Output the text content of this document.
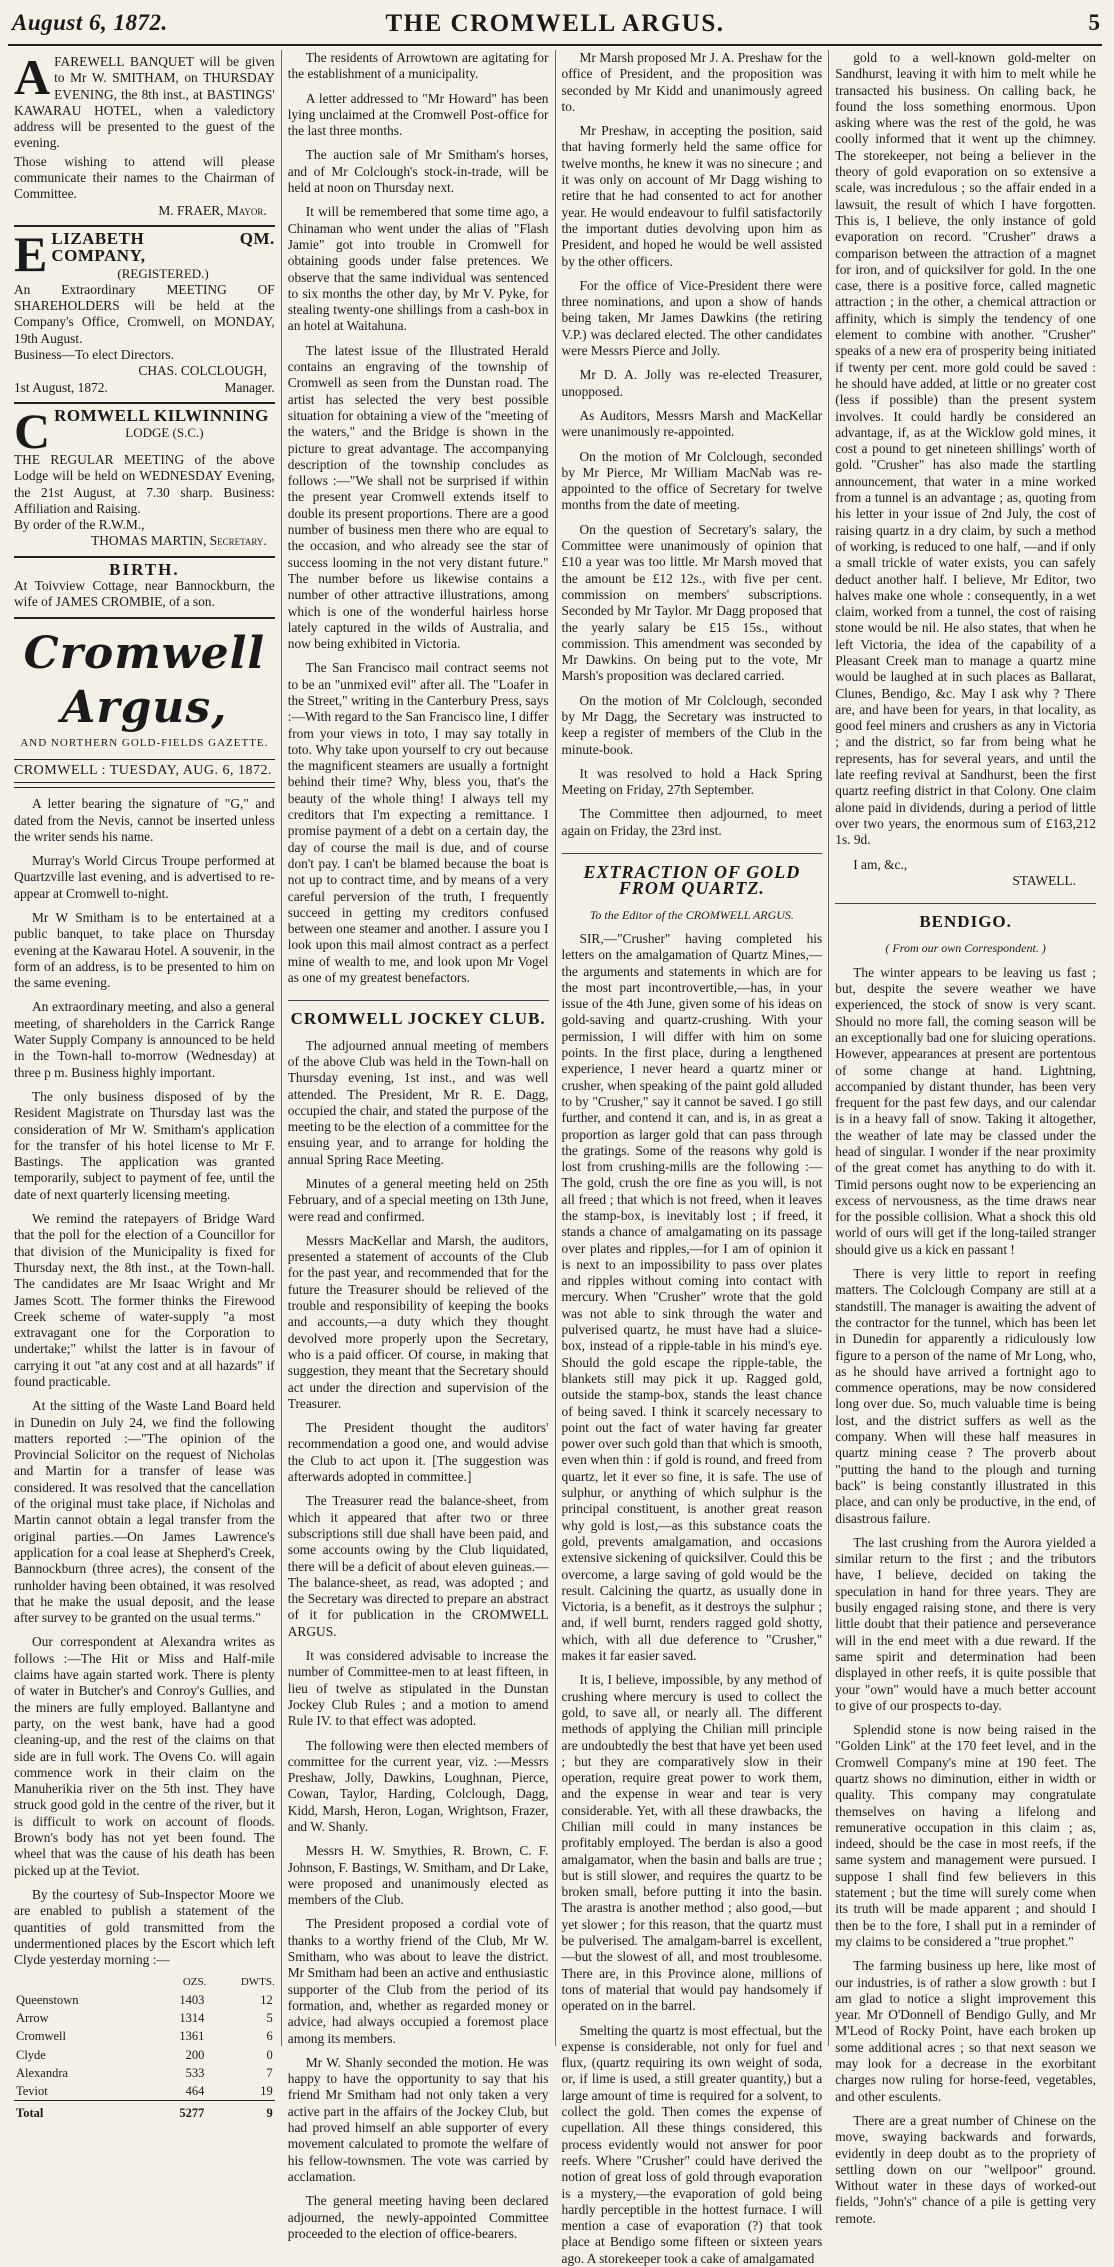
August 6, 1872.	THE CROMWELL ARGUS.	5

AFAREWELL BANQUET will be given to Mr W. SMITHAM, on THURSDAY EVENING, the 8th inst., at BASTINGS' KAWARAU HOTEL, when a valedictory address will be presented to the guest of the evening.

Those wishing to attend will please communicate their names to the Chairman of Committee.

M. FRAER, Mayor.

ELIZABETH QM. COMPANY,

(REGISTERED.)

An Extraordinary MEETING OF SHAREHOLDERS will be held at the Company's Office, Cromwell, on MONDAY, 19th August.

Business—To elect Directors.

CHAS. COLCLOUGH,

1st August, 1872.	Manager.

CROMWELL KILWINNING

LODGE (S.C.)

THE REGULAR MEETING of the above Lodge will be held on WEDNESDAY Evening, the 21st August, at 7.30 sharp. Business: Affiliation and Raising.

By order of the R.W.M.,

THOMAS MARTIN, Secretary.

BIRTH.

At Toivview Cottage, near Bannockburn, the wife of JAMES CROMBIE, of a son.

Cromwell Argus,

AND NORTHERN GOLD-FIELDS GAZETTE.

CROMWELL : TUESDAY, AUG. 6, 1872.

A letter bearing the signature of "G," and dated from the Nevis, cannot be inserted unless the writer sends his name.

Murray's World Circus Troupe performed at Quartzville last evening, and is advertised to re-appear at Cromwell to-night.

Mr W Smitham is to be entertained at a public banquet, to take place on Thursday evening at the Kawarau Hotel. A souvenir, in the form of an address, is to be presented to him on the same evening.

An extraordinary meeting, and also a general meeting, of shareholders in the Carrick Range Water Supply Company is announced to be held in the Town-hall to-morrow (Wednesday) at three p m. Business highly important.

The only business disposed of by the Resident Magistrate on Thursday last was the consideration of Mr W. Smitham's application for the transfer of his hotel license to Mr F. Bastings. The application was granted temporarily, subject to payment of fee, until the date of next quarterly licensing meeting.

We remind the ratepayers of Bridge Ward that the poll for the election of a Councillor for that division of the Municipality is fixed for Thursday next, the 8th inst., at the Town-hall. The candidates are Mr Isaac Wright and Mr James Scott. The former thinks the Firewood Creek scheme of water-supply "a most extravagant one for the Corporation to undertake;" whilst the latter is in favour of carrying it out "at any cost and at all hazards" if found practicable.

At the sitting of the Waste Land Board held in Dunedin on July 24, we find the following matters reported :—"The opinion of the Provincial Solicitor on the request of Nicholas and Martin for a transfer of lease was considered. It was resolved that the cancellation of the original must take place, if Nicholas and Martin cannot obtain a legal transfer from the original parties.—On James Lawrence's application for a coal lease at Shepherd's Creek, Bannockburn (three acres), the consent of the runholder having been obtained, it was resolved that he make the usual deposit, and the lease after survey to be granted on the usual terms."

Our correspondent at Alexandra writes as follows :—The Hit or Miss and Half-mile claims have again started work. There is plenty of water in Butcher's and Conroy's Gullies, and the miners are fully employed. Ballantyne and party, on the west bank, have had a good cleaning-up, and the rest of the claims on that side are in full work. The Ovens Co. will again commence work in their claim on the Manuherikia river on the 5th inst. They have struck good gold in the centre of the river, but it is difficult to work on account of floods. Brown's body has not yet been found. The wheel that was the cause of his death has been picked up at the Teviot.

By the courtesy of Sub-Inspector Moore we are enabled to publish a statement of the quantities of gold transmitted from the undermentioned places by the Escort which left Clyde yesterday morning :—

	OZS.	DWTS.
Queenstown	1403	12
Arrow	1314	5
Cromwell	1361	6
Clyde	200	0
Alexandra	533	7
Teviot	464	19
Total	5277	9

The residents of Arrowtown are agitating for the establishment of a municipality.

A letter addressed to "Mr Howard" has been lying unclaimed at the Cromwell Post-office for the last three months.

The auction sale of Mr Smitham's horses, and of Mr Colclough's stock-in-trade, will be held at noon on Thursday next.

It will be remembered that some time ago, a Chinaman who went under the alias of "Flash Jamie" got into trouble in Cromwell for obtaining goods under false pretences. We observe that the same individual was sentenced to six months the other day, by Mr V. Pyke, for stealing twenty-one shillings from a cash-box in an hotel at Waitahuna.

The latest issue of the Illustrated Herald contains an engraving of the township of Cromwell as seen from the Dunstan road. The artist has selected the very best possible situation for obtaining a view of the "meeting of the waters," and the Bridge is shown in the picture to great advantage. The accompanying description of the township concludes as follows :—"We shall not be surprised if within the present year Cromwell extends itself to double its present proportions. There are a good number of business men there who are equal to the occasion, and who already see the star of success looming in the not very distant future." The number before us likewise contains a number of other attractive illustrations, among which is one of the wonderful hairless horse lately captured in the wilds of Australia, and now being exhibited in Victoria.

The San Francisco mail contract seems not to be an "unmixed evil" after all. The "Loafer in the Street," writing in the Canterbury Press, says :—With regard to the San Francisco line, I differ from your views in toto, I may say totally in toto. Why take upon yourself to cry out because the magnificent steamers are usually a fortnight behind their time? Why, bless you, that's the beauty of the whole thing! I always tell my creditors that I'm expecting a remittance. I promise payment of a debt on a certain day, the day of course the mail is due, and of course don't pay. I can't be blamed because the boat is not up to contract time, and by means of a very careful perversion of the truth, I frequently succeed in getting my creditors confused between one steamer and another. I assure you I look upon this mail almost contract as a perfect mine of wealth to me, and look upon Mr Vogel as one of my greatest benefactors.

CROMWELL JOCKEY CLUB.

The adjourned annual meeting of members of the above Club was held in the Town-hall on Thursday evening, 1st inst., and was well attended. The President, Mr R. E. Dagg, occupied the chair, and stated the purpose of the meeting to be the election of a committee for the ensuing year, and to arrange for holding the annual Spring Race Meeting.

Minutes of a general meeting held on 25th February, and of a special meeting on 13th June, were read and confirmed.

Messrs MacKellar and Marsh, the auditors, presented a statement of accounts of the Club for the past year, and recommended that for the future the Treasurer should be relieved of the trouble and responsibility of keeping the books and accounts,—a duty which they thought devolved more properly upon the Secretary, who is a paid officer. Of course, in making that suggestion, they meant that the Secretary should act under the direction and supervision of the Treasurer.

The President thought the auditors' recommendation a good one, and would advise the Club to act upon it. [The suggestion was afterwards adopted in committee.]

The Treasurer read the balance-sheet, from which it appeared that after two or three subscriptions still due shall have been paid, and some accounts owing by the Club liquidated, there will be a deficit of about eleven guineas.—The balance-sheet, as read, was adopted ; and the Secretary was directed to prepare an abstract of it for publication in the CROMWELL ARGUS.

It was considered advisable to increase the number of Committee-men to at least fifteen, in lieu of twelve as stipulated in the Dunstan Jockey Club Rules ; and a motion to amend Rule IV. to that effect was adopted.

The following were then elected members of committee for the current year, viz. :—Messrs Preshaw, Jolly, Dawkins, Loughnan, Pierce, Cowan, Taylor, Harding, Colclough, Dagg, Kidd, Marsh, Heron, Logan, Wrightson, Frazer, and W. Shanly.

Messrs H. W. Smythies, R. Brown, C. F. Johnson, F. Bastings, W. Smitham, and Dr Lake, were proposed and unanimously elected as members of the Club.

The President proposed a cordial vote of thanks to a worthy friend of the Club, Mr W. Smitham, who was about to leave the district. Mr Smitham had been an active and enthusiastic supporter of the Club from the period of its formation, and, whether as regarded money or advice, had always occupied a foremost place among its members.

Mr W. Shanly seconded the motion. He was happy to have the opportunity to say that his friend Mr Smitham had not only taken a very active part in the affairs of the Jockey Club, but had proved himself an able supporter of every movement calculated to promote the welfare of his fellow-townsmen. The vote was carried by acclamation.

The general meeting having been declared adjourned, the newly-appointed Committee proceeded to the election of office-bearers.

Mr Marsh proposed Mr J. A. Preshaw for the office of President, and the proposition was seconded by Mr Kidd and unanimously agreed to.

Mr Preshaw, in accepting the position, said that having formerly held the same office for twelve months, he knew it was no sinecure ; and it was only on account of Mr Dagg wishing to retire that he had consented to act for another year. He would endeavour to fulfil satisfactorily the important duties devolving upon him as President, and hoped he would be well assisted by the other officers.

For the office of Vice-President there were three nominations, and upon a show of hands being taken, Mr James Dawkins (the retiring V.P.) was declared elected. The other candidates were Messrs Pierce and Jolly.

Mr D. A. Jolly was re-elected Treasurer, unopposed.

As Auditors, Messrs Marsh and MacKellar were unanimously re-appointed.

On the motion of Mr Colclough, seconded by Mr Pierce, Mr William MacNab was re-appointed to the office of Secretary for twelve months from the date of meeting.

On the question of Secretary's salary, the Committee were unanimously of opinion that £10 a year was too little. Mr Marsh moved that the amount be £12 12s., with five per cent. commission on members' subscriptions. Seconded by Mr Taylor. Mr Dagg proposed that the yearly salary be £15 15s., without commission. This amendment was seconded by Mr Dawkins. On being put to the vote, Mr Marsh's proposition was declared carried.

On the motion of Mr Colclough, seconded by Mr Dagg, the Secretary was instructed to keep a register of members of the Club in the minute-book.

It was resolved to hold a Hack Spring Meeting on Friday, 27th September.

The Committee then adjourned, to meet again on Friday, the 23rd inst.

EXTRACTION OF GOLD FROM QUARTZ.

To the Editor of the CROMWELL ARGUS.

SIR,—"Crusher" having completed his letters on the amalgamation of Quartz Mines,—the arguments and statements in which are for the most part incontrovertible,—has, in your issue of the 4th June, given some of his ideas on gold-saving and quartz-crushing. With your permission, I will differ with him on some points. In the first place, during a lengthened experience, I never heard a quartz miner or crusher, when speaking of the paint gold alluded to by "Crusher," say it cannot be saved. I go still further, and contend it can, and is, in as great a proportion as larger gold that can pass through the gratings. Some of the reasons why gold is lost from crushing-mills are the following :—The gold, crush the ore fine as you will, is not all freed ; that which is not freed, when it leaves the stamp-box, is inevitably lost ; if freed, it stands a chance of amalgamating on its passage over plates and ripples,—for I am of opinion it is next to an impossibility to pass over plates and ripples without coming into contact with mercury. When "Crusher" wrote that the gold was not able to sink through the water and pulverised quartz, he must have had a sluice-box, instead of a ripple-table in his mind's eye. Should the gold escape the ripple-table, the blankets still may pick it up. Ragged gold, outside the stamp-box, stands the least chance of being saved. I think it scarcely necessary to point out the fact of water having far greater power over such gold than that which is smooth, even when thin : if gold is round, and freed from quartz, let it ever so fine, it is safe. The use of sulphur, or anything of which sulphur is the principal constituent, is another great reason why gold is lost,—as this substance coats the gold, prevents amalgamation, and occasions extensive sickening of quicksilver. Could this be overcome, a large saving of gold would be the result. Calcining the quartz, as usually done in Victoria, is a benefit, as it destroys the sulphur ; and, if well burnt, renders ragged gold shotty, which, with all due deference to "Crusher," makes it far easier saved.

It is, I believe, impossible, by any method of crushing where mercury is used to collect the gold, to save all, or nearly all. The different methods of applying the Chilian mill principle are undoubtedly the best that have yet been used ; but they are comparatively slow in their operation, require great power to work them, and the expense in wear and tear is very considerable. Yet, with all these drawbacks, the Chilian mill could in many instances be profitably employed. The berdan is also a good amalgamator, when the basin and balls are true ; but is still slower, and requires the quartz to be broken small, before putting it into the basin. The arastra is another method ; also good,—but yet slower ; for this reason, that the quartz must be pulverised. The amalgam-barrel is excellent,—but the slowest of all, and most troublesome. There are, in this Province alone, millions of tons of material that would pay handsomely if operated on in the barrel.

Smelting the quartz is most effectual, but the expense is considerable, not only for fuel and flux, (quartz requiring its own weight of soda, or, if lime is used, a still greater quantity,) but a large amount of time is required for a solvent, to collect the gold. Then comes the expense of cupellation. All these things considered, this process evidently would not answer for poor reefs. Where "Crusher" could have derived the notion of great loss of gold through evaporation is a mystery,—the evaporation of gold being hardly perceptible in the hottest furnace. I will mention a case of evaporation (?) that took place at Bendigo some fifteen or sixteen years ago. A storekeeper took a cake of amalgamated

gold to a well-known gold-melter on Sandhurst, leaving it with him to melt while he transacted his business. On calling back, he found the loss something enormous. Upon asking where was the rest of the gold, he was coolly informed that it went up the chimney. The storekeeper, not being a believer in the theory of gold evaporation on so extensive a scale, was incredulous ; so the affair ended in a lawsuit, the result of which I have forgotten. This is, I believe, the only instance of gold evaporation on record. "Crusher" draws a comparison between the attraction of a magnet for iron, and of quicksilver for gold. In the one case, there is a positive force, called magnetic attraction ; in the other, a chemical attraction or affinity, which is simply the tendency of one element to combine with another. "Crusher" speaks of a new era of prosperity being initiated if twenty per cent. more gold could be saved : he should have added, at little or no greater cost (less if possible) than the present system involves. It could hardly be considered an advantage, if, as at the Wicklow gold mines, it cost a pound to get nineteen shillings' worth of gold. "Crusher" has also made the startling announcement, that water in a mine worked from a tunnel is an advantage ; as, quoting from his letter in your issue of 2nd July, the cost of raising quartz in a dry claim, by such a method of working, is reduced to one half, —and if only a small trickle of water exists, you can safely deduct another half. I believe, Mr Editor, two halves make one whole : consequently, in a wet claim, worked from a tunnel, the cost of raising stone would be nil. He also states, that when he left Victoria, the idea of the capability of a Pleasant Creek man to manage a quartz mine would be laughed at in such places as Ballarat, Clunes, Bendigo, &c. May I ask why ? There are, and have been for years, in that locality, as good feel miners and crushers as any in Victoria ; and the district, so far from being what he represents, has for several years, and until the late reefing revival at Sandhurst, been the first quartz reefing district in that Colony. One claim alone paid in dividends, during a period of little over two years, the enormous sum of £163,212 1s. 9d.

I am, &c.,

STAWELL.

BENDIGO.

( From our own Correspondent. )

The winter appears to be leaving us fast ; but, despite the severe weather we have experienced, the stock of snow is very scant. Should no more fall, the coming season will be an exceptionally bad one for sluicing operations. However, appearances at present are portentous of some change at hand. Lightning, accompanied by distant thunder, has been very frequent for the past few days, and our calendar is in a heavy fall of snow. Taking it altogether, the weather of late may be classed under the head of singular. I wonder if the near proximity of the great comet has anything to do with it. Timid persons ought now to be experiencing an excess of nervousness, as the time draws near for the possible collision. What a shock this old world of ours will get if the long-tailed stranger should give us a kick en passant !

There is very little to report in reefing matters. The Colclough Company are still at a standstill. The manager is awaiting the advent of the contractor for the tunnel, which has been let in Dunedin for apparently a ridiculously low figure to a person of the name of Mr Long, who, as he should have arrived a fortnight ago to commence operations, may be now considered long over due. So, much valuable time is being lost, and the district suffers as well as the company. When will these half measures in quartz mining cease ? The proverb about "putting the hand to the plough and turning back" is being constantly illustrated in this place, and can only be productive, in the end, of disastrous failure.

The last crushing from the Aurora yielded a similar return to the first ; and the tributors have, I believe, decided on taking the speculation in hand for three years. They are busily engaged raising stone, and there is very little doubt that their patience and perseverance will in the end meet with a due reward. If the same spirit and determination had been displayed in other reefs, it is quite possible that your "own" would have a much better account to give of our prospects to-day.

Splendid stone is now being raised in the "Golden Link" at the 170 feet level, and in the Cromwell Company's mine at 190 feet. The quartz shows no diminution, either in width or quality. This company may congratulate themselves on having a lifelong and remunerative occupation in this claim ; as, indeed, should be the case in most reefs, if the same system and management were pursued. I suppose I shall find few believers in this statement ; but the time will surely come when its truth will be made apparent ; and should I then be to the fore, I shall put in a reminder of my claims to be considered a "true prophet."

The farming business up here, like most of our industries, is of rather a slow growth : but I am glad to notice a slight improvement this year. Mr O'Donnell of Bendigo Gully, and Mr M'Leod of Rocky Point, have each broken up some additional acres ; so that next season we may look for a decrease in the exorbitant charges now ruling for horse-feed, vegetables, and other esculents.

There are a great number of Chinese on the move, swaying backwards and forwards, evidently in deep doubt as to the propriety of settling down on our "wellpoor" ground. Without water in these days of worked-out fields, "John's" chance of a pile is getting very remote.
